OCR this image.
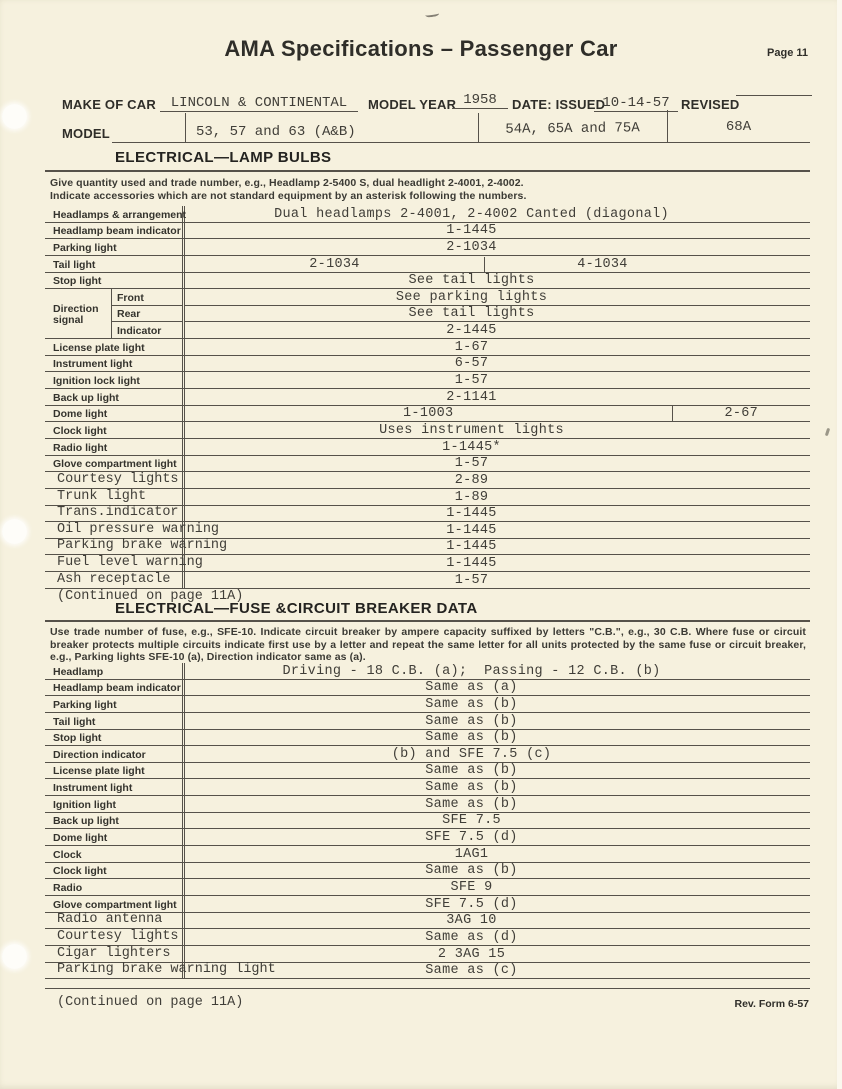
AMA Specifications – Passenger Car	Page 11
MAKE OF CAR	LINCOLN & CONTINENTAL	MODEL YEAR 1958	DATE: ISSUED
10-14-57 REVISED
MODEL	53, 57 and 63 (A&B)	54A, 65A and 75A	68A
ELECTRICAL—LAMP BULBS
Give quantity used and trade number, e.g., Headlamp 2-5400 S, dual headlight 2-4001, 2-4002.
Indicate accessories which are not standard equipment by an asterisk following the numbers.
Headlamps & arrangement	Dual headlamps 2-4001, 2-4002 Canted (diagonal)
Headlamp beam indicator	1-1445
Parking light	2-1034
Tail light	2-1034	4-1034
Stop light	See tail lights
Direction signal
Front	See parking lights
Rear	See tail lights
Indicator	2-1445
License plate light	1-67
Instrument light	6-57
Ignition lock light	1-57
Back up light	2-1141
Dome light	1-1003	2-67
Clock light	Uses instrument lights
Radio light	1-1445*
Glove compartment light	1-57
Courtesy lights	2-89
Trunk light	1-89
Trans.indicator	1-1445
Oil pressure warning	1-1445
Parking brake warning	1-1445
Fuel level warning	1-1445
Ash receptacle	1-57
(Continued on page 11A)
ELECTRICAL—FUSE &CIRCUIT BREAKER DATA
Use trade number of fuse, e.g., SFE-10. Indicate circuit breaker by ampere capacity suffixed by letters "C.B.", e.g., 30 C.B. Where fuse or circuit
breaker protects multiple circuits indicate first use by a letter and repeat the same letter for all units protected by the same fuse or circuit breaker,
e.g., Parking lights SFE-10 (a), Direction indicator same as (a).
Headlamp	Driving - 18 C.B. (a);  Passing - 12 C.B. (b)
Headlamp beam indicator	Same as (a)
Parking light	Same as (b)
Tail light	Same as (b)
Stop light	Same as (b)
Direction indicator	(b) and SFE 7.5 (c)
License plate light	Same as (b)
Instrument light	Same as (b)
Ignition light	Same as (b)
Back up light	SFE 7.5
Dome light	SFE 7.5 (d)
Clock	1AG1
Clock light	Same as (b)
Radio	SFE 9
Glove compartment light	SFE 7.5 (d)
Radio antenna	3AG 10
Courtesy lights	Same as (d)
Cigar lighters	2 3AG 15
Parking brake warning light	Same as (c)
(Continued on page 11A)	Rev. Form 6-57
